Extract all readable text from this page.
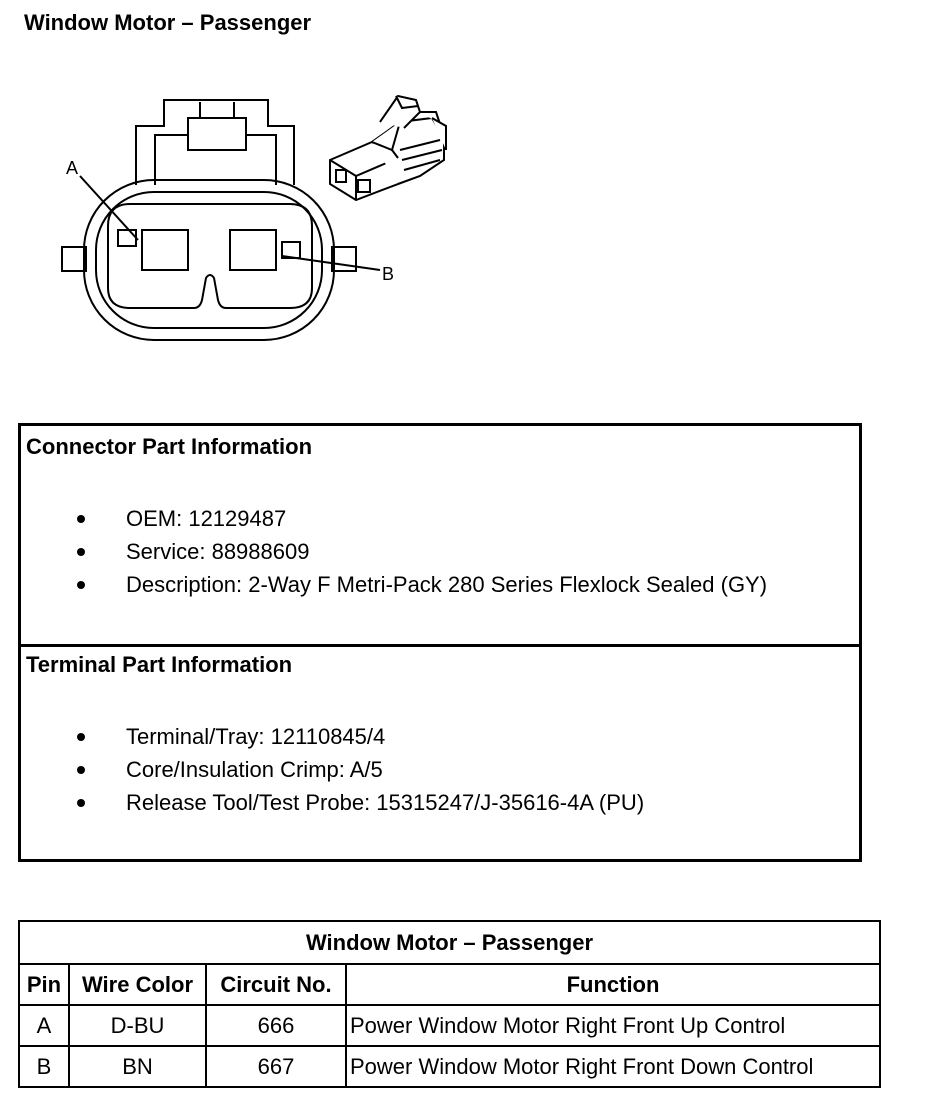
Window Motor – Passenger
A
B
Connector Part Information
OEM: 12129487
Service: 88988609
Description: 2-Way F Metri-Pack 280 Series Flexlock Sealed (GY)
Terminal Part Information
Terminal/Tray: 12110845/4
Core/Insulation Crimp: A/5
Release Tool/Test Probe: 15315247/J-35616-4A (PU)
Window Motor – Passenger			
Pin	Wire Color	Circuit No.	Function
A	D-BU	666	Power Window Motor Right Front Up Control
B	BN	667	Power Window Motor Right Front Down Control
